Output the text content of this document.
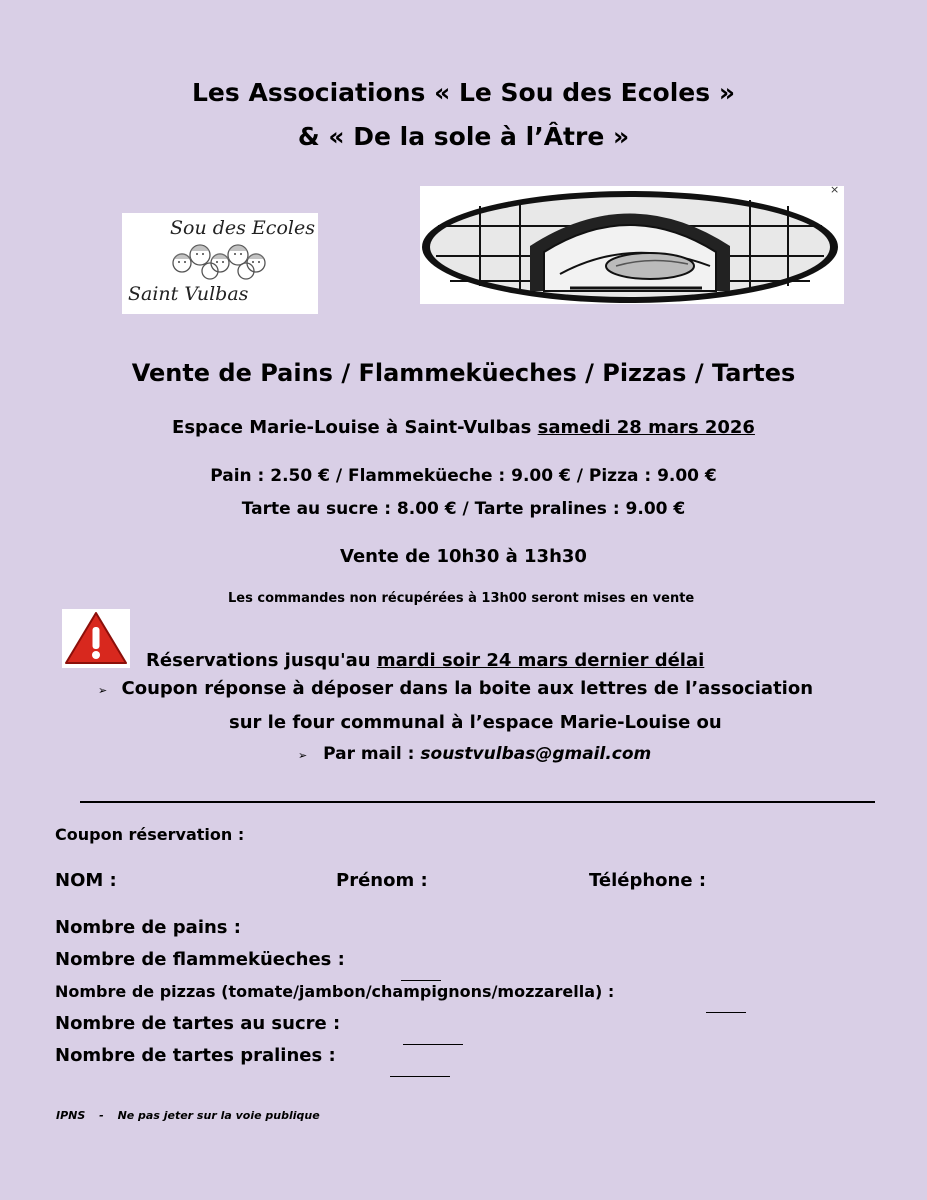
Les Associations « Le Sou des Ecoles »
& « De la sole à l’Âtre »
Sou des Ecoles
Saint Vulbas
×
Vente de Pains / Flammeküeches / Pizzas / Tartes
Espace Marie-Louise à Saint-Vulbas samedi 28 mars 2026
Pain : 2.50 € / Flammeküeche : 9.00 € / Pizza : 9.00 €
Tarte au sucre : 8.00 € / Tarte pralines : 9.00 €
Vente de 10h30 à 13h30
Les commandes non récupérées à 13h00 seront mises en vente
Réservations jusqu'au mardi soir 24 mars dernier délai
➢ Coupon réponse à déposer dans la boite aux lettres de l’association
sur le four communal à l’espace Marie-Louise ou
➢ Par mail : soustvulbas@gmail.com
Coupon réservation :
NOM :	Prénom :	Téléphone :
Nombre de pains :
Nombre de flammeküeches :
Nombre de pizzas (tomate/jambon/champignons/mozzarella) :
Nombre de tartes au sucre :
Nombre de tartes pralines :
IPNS - Ne pas jeter sur la voie publique
